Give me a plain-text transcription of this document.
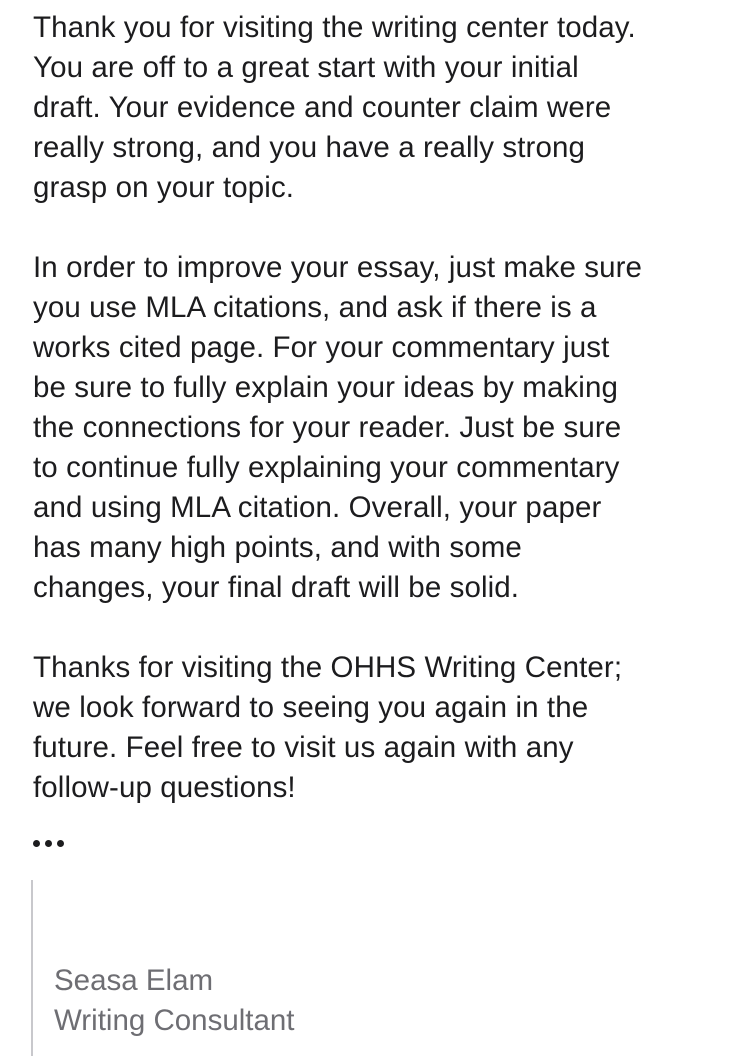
Thank you for visiting the writing center today.
You are off to a great start with your initial
draft. Your evidence and counter claim were
really strong, and you have a really strong
grasp on your topic.

In order to improve your essay, just make sure
you use MLA citations, and ask if there is a
works cited page. For your commentary just
be sure to fully explain your ideas by making
the connections for your reader. Just be sure
to continue fully explaining your commentary
and using MLA citation. Overall, your paper
has many high points, and with some
changes, your final draft will be solid.

Thanks for visiting the OHHS Writing Center;
we look forward to seeing you again in the
future. Feel free to visit us again with any
follow-up questions!

Seasa Elam
Writing Consultant
